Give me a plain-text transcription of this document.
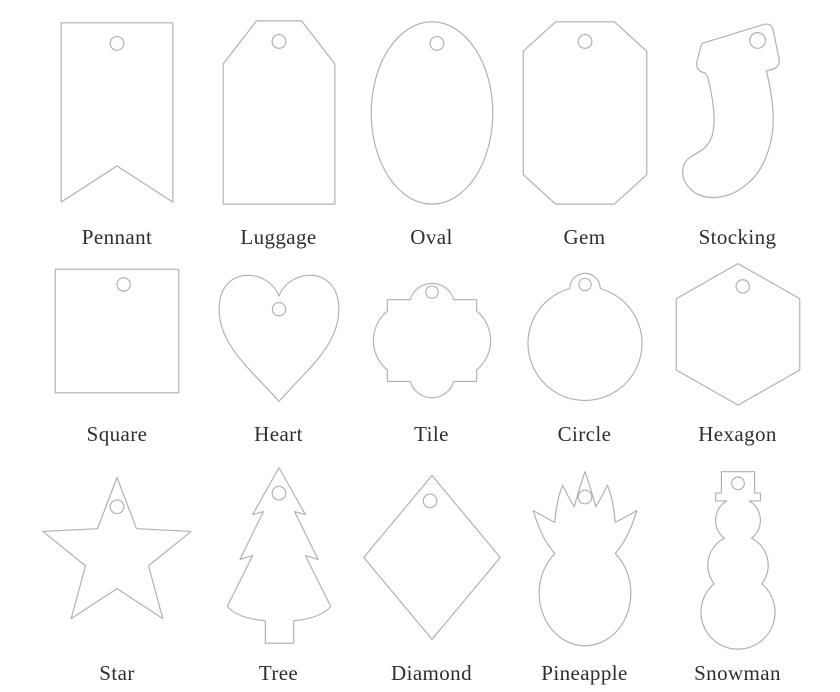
Pennant	Luggage	Oval	Gem	Stocking
Square	Heart	Tile	Circle	Hexagon
Star	Tree	Diamond	Pineapple	Snowman
